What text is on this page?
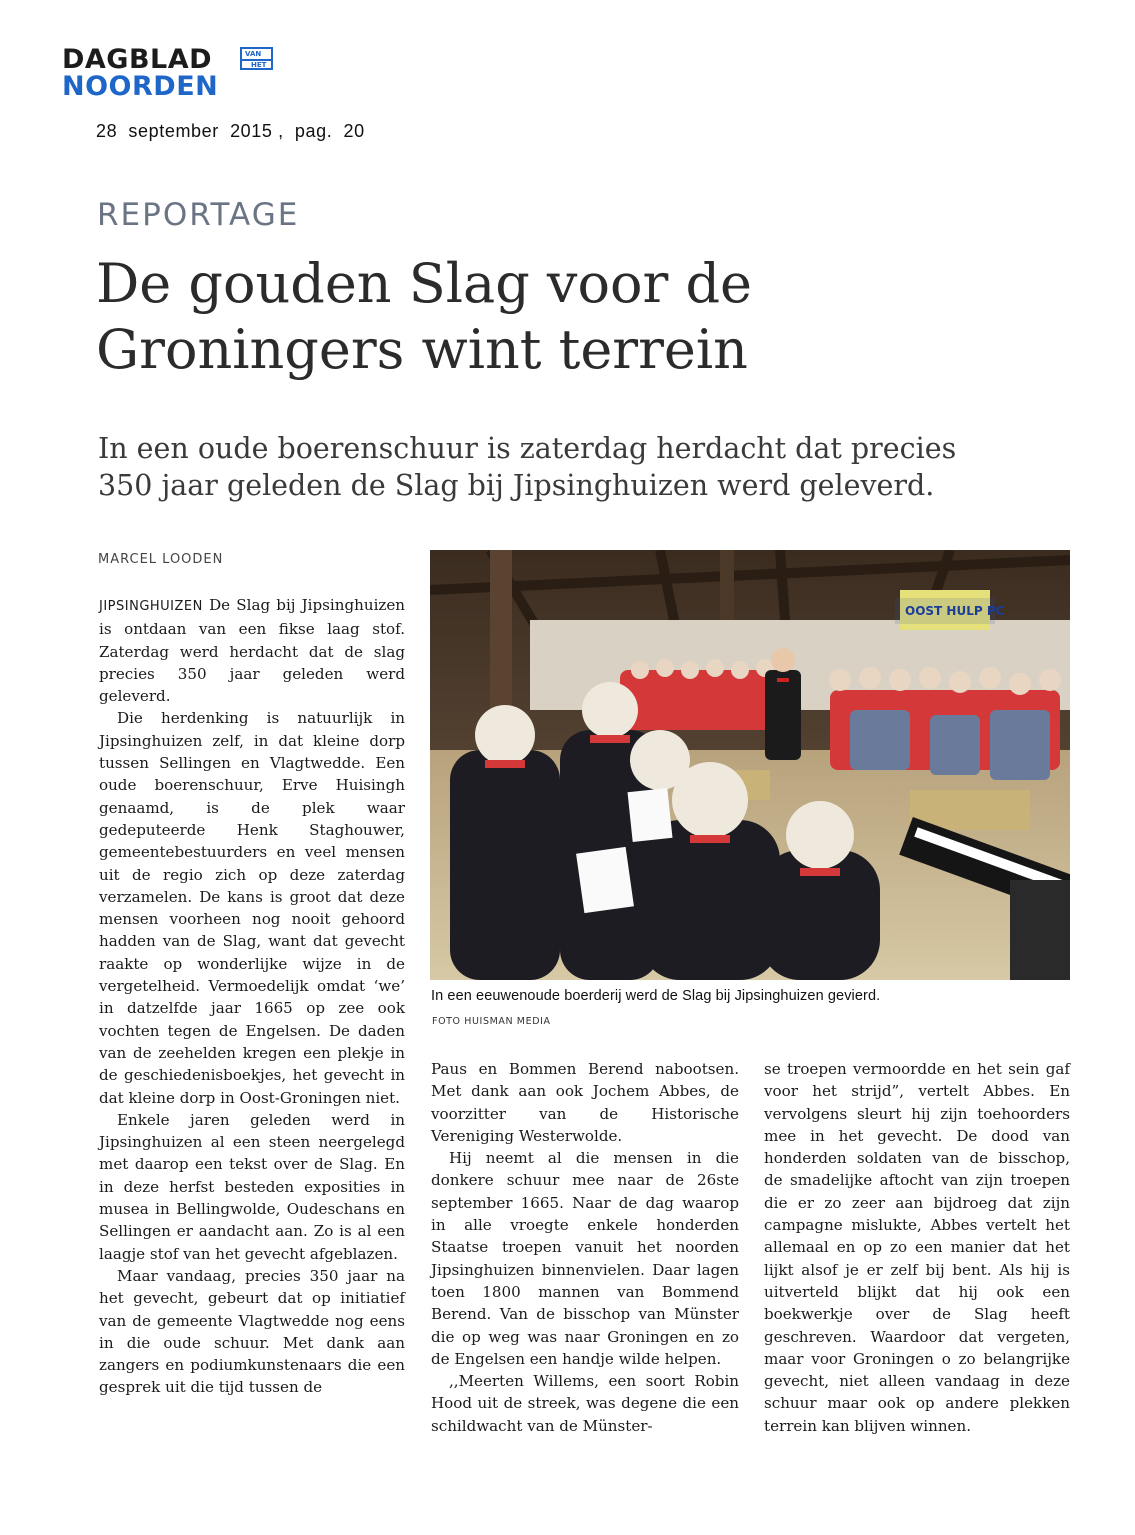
DAGBLAD	VAN
HET
NOORDEN
28  september  2015 ,  pag.  20
REPORTAGE
De gouden Slag voor de
Groningers wint terrein

In een oude boerenschuur is zaterdag herdacht dat precies
350 jaar geleden de Slag bij Jipsinghuizen werd geleverd.

MARCEL LOODEN

JIPSINGHUIZEN De Slag bij Jipsinghuizen is ontdaan van een fikse laag stof. Zaterdag werd herdacht dat de slag precies 350 jaar geleden werd geleverd.

Die herdenking is natuurlijk in Jipsinghuizen zelf, in dat kleine dorp tussen Sellingen en Vlagtwedde. Een oude boerenschuur, Erve Huisingh genaamd, is de plek waar gedeputeerde Henk Staghouwer, gemeentebestuurders en veel mensen uit de regio zich op deze zaterdag verzamelen. De kans is groot dat deze mensen voorheen nog nooit gehoord hadden van de Slag, want dat gevecht raakte op wonderlijke wijze in de vergetelheid. Vermoedelijk omdat ‘we’ in datzelfde jaar 1665 op zee ook vochten tegen de Engelsen. De daden van de zeehelden kregen een plekje in de geschiedenisboekjes, het gevecht in dat kleine dorp in Oost-Groningen niet.

Enkele jaren geleden werd in Jipsinghuizen al een steen neergelegd met daarop een tekst over de Slag. En in deze herfst besteden exposities in musea in Bellingwolde, Oudeschans en Sellingen er aandacht aan. Zo is al een laagje stof van het gevecht afgeblazen.

Maar vandaag, precies 350 jaar na het gevecht, gebeurt dat op initiatief van de gemeente Vlagtwedde nog eens in die oude schuur. Met dank aan zangers en podiumkunstenaars die een gesprek uit die tijd tussen de

OOST HULP PC
In een eeuwenoude boerderij werd de Slag bij Jipsinghuizen gevierd.
FOTO HUISMAN MEDIA

Paus en Bommen Berend nabootsen. Met dank aan ook Jochem Abbes, de voorzitter van de Historische Vereniging Westerwolde.

Hij neemt al die mensen in die donkere schuur mee naar de 26ste september 1665. Naar de dag waarop in alle vroegte enkele honderden Staatse troepen vanuit het noorden Jipsinghuizen binnenvielen. Daar lagen toen 1800 mannen van Bommend Berend. Van de bisschop van Münster die op weg was naar Groningen en zo de Engelsen een handje wilde helpen.

,,Meerten Willems, een soort Robin Hood uit de streek, was degene die een schildwacht van de Münster-

se troepen vermoordde en het sein gaf voor het strijd”, vertelt Abbes. En vervolgens sleurt hij zijn toehoorders mee in het gevecht. De dood van honderden soldaten van de bisschop, de smadelijke aftocht van zijn troepen die er zo zeer aan bijdroeg dat zijn campagne mislukte, Abbes vertelt het allemaal en op zo een manier dat het lijkt alsof je er zelf bij bent. Als hij is uitverteld blijkt dat hij ook een boekwerkje over de Slag heeft geschreven. Waardoor dat vergeten, maar voor Groningen o zo belangrijke gevecht, niet alleen vandaag in deze schuur maar ook op andere plekken terrein kan blijven winnen.
